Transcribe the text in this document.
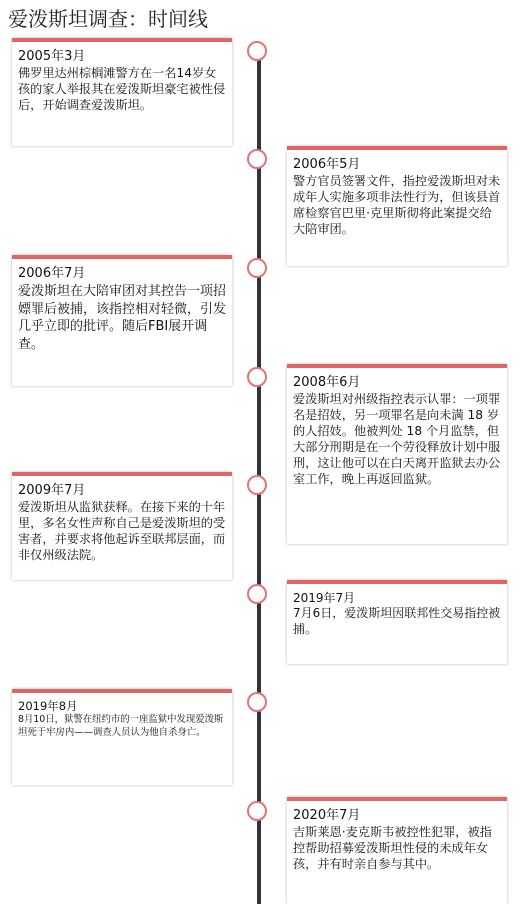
爱泼斯坦调查：时间线
2005年3月
佛罗里达州棕榈滩警方在一名14岁女孩的家人举报其在爱泼斯坦豪宅被性侵后，开始调查爱泼斯坦。
2006年5月
警方官员签署文件，指控爱泼斯坦对未成年人实施多项非法性行为，但该县首席检察官巴里·克里斯彻将此案提交给大陪审团。
2006年7月
爱泼斯坦在大陪审团对其控告一项招嫖罪后被捕，该指控相对轻微，引发几乎立即的批评。随后FBI展开调查。
2008年6月
爱泼斯坦对州级指控表示认罪：一项罪名是招妓，另一项罪名是向未满 18 岁的人招妓。他被判处 18 个月监禁，但大部分刑期是在一个劳役释放计划中服刑，这让他可以在白天离开监狱去办公室工作，晚上再返回监狱。
2009年7月
爱泼斯坦从监狱获释。在接下来的十年里，多名女性声称自己是爱泼斯坦的受害者，并要求将他起诉至联邦层面，而非仅州级法院。
2019年7月
7月6日，爱泼斯坦因联邦性交易指控被捕。
2019年8月
8月10日，狱警在纽约市的一座监狱中发现爱泼斯坦死于牢房内——调查人员认为他自杀身亡。
2020年7月
吉斯莱恩·麦克斯韦被控性犯罪，被指控帮助招募爱泼斯坦性侵的未成年女孩，并有时亲自参与其中。
